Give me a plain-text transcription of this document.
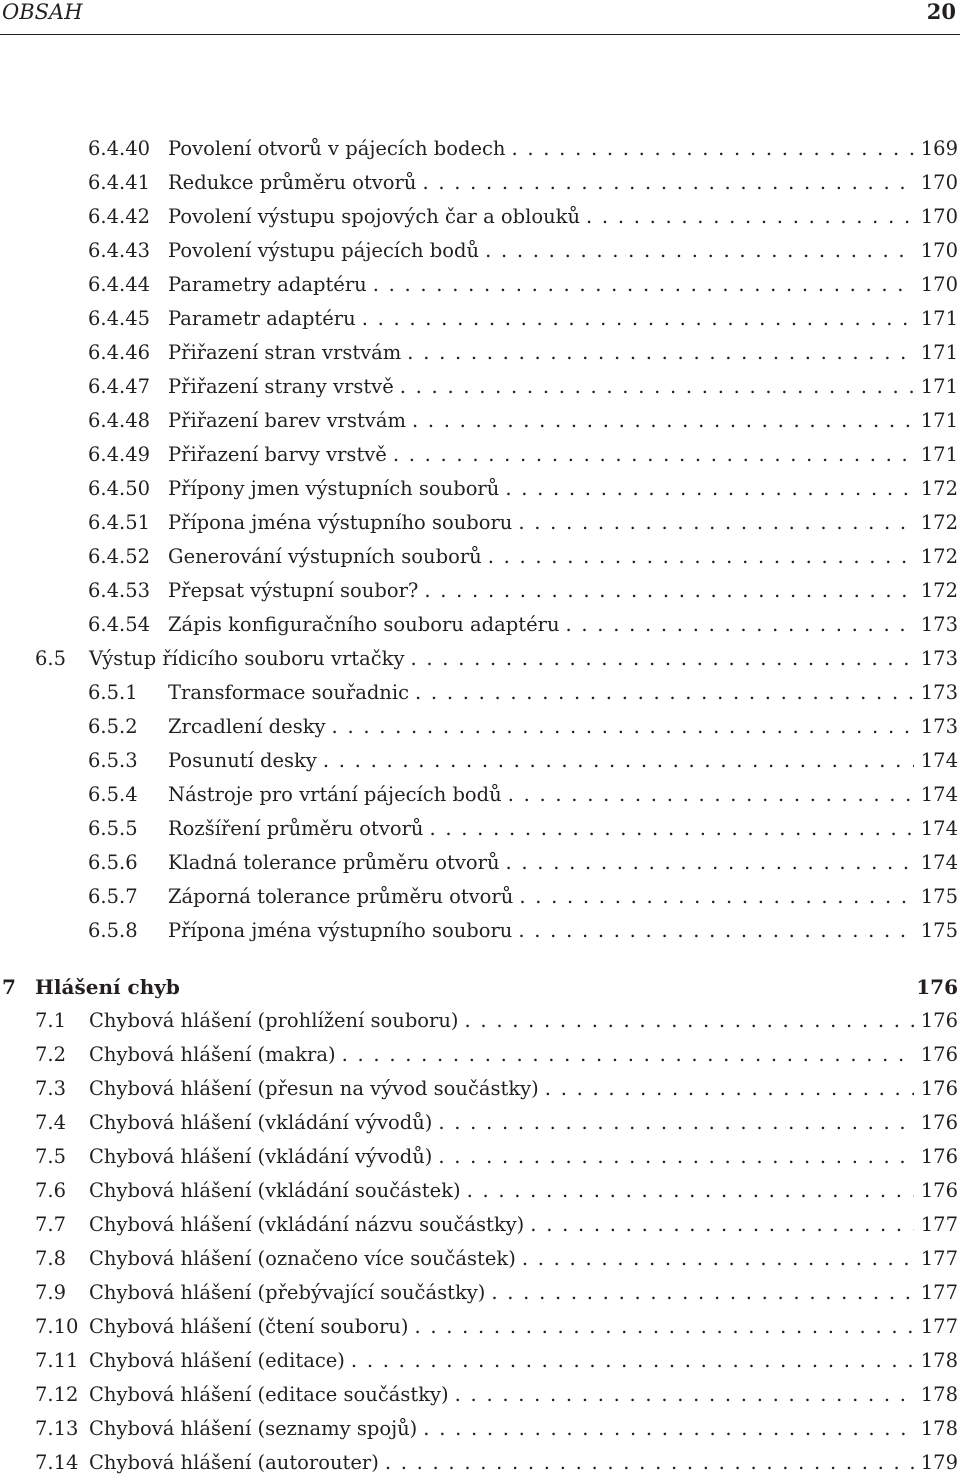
OBSAH	20
6.4.40 Povolení otvorů v pájecích bodech . . .	169
6.4.41 Redukce průměru otvorů . . .	170
6.4.42 Povolení výstupu spojových čar a oblouků . . .	170
6.4.43 Povolení výstupu pájecích bodů . . .	170
6.4.44 Parametry adaptéru . . .	170
6.4.45 Parametr adaptéru . . .	171
6.4.46 Přiřazení stran vrstvám . . .	171
6.4.47 Přiřazení strany vrstvě . . .	171
6.4.48 Přiřazení barev vrstvám . . .	171
6.4.49 Přiřazení barvy vrstvě . . .	171
6.4.50 Přípony jmen výstupních souborů . . .	172
6.4.51 Přípona jména výstupního souboru . . .	172
6.4.52 Generování výstupních souborů . . .	172
6.4.53 Přepsat výstupní soubor? . . .	172
6.4.54 Zápis konfiguračního souboru adaptéru . . .	173
6.5	Výstup řídicího souboru vrtačky . . .	173
6.5.1	Transformace souřadnic . . .	173
6.5.2	Zrcadlení desky . . .	173
6.5.3	Posunutí desky . . .	174
6.5.4	Nástroje pro vrtání pájecích bodů . . .	174
6.5.5	Rozšíření průměru otvorů . . .	174
6.5.6	Kladná tolerance průměru otvorů . . .	174
6.5.7	Záporná tolerance průměru otvorů . . .	175
6.5.8	Přípona jména výstupního souboru . . .	175
7 Hlášení chyb	176
7.1	Chybová hlášení (prohlížení souboru) . . .	176
7.2	Chybová hlášení (makra) . . .	176
7.3	Chybová hlášení (přesun na vývod součástky) . . .	176
7.4	Chybová hlášení (vkládání vývodů) . . .	176
7.5	Chybová hlášení (vkládání vývodů) . . .	176
7.6	Chybová hlášení (vkládání součástek) . . .	176
7.7	Chybová hlášení (vkládání názvu součástky) . . .	177
7.8	Chybová hlášení (označeno více součástek) . . .	177
7.9	Chybová hlášení (přebývající součástky) . . .	177
7.10 Chybová hlášení (čtení souboru) . . .	177
7.11 Chybová hlášení (editace) . . .	178
7.12 Chybová hlášení (editace součástky) . . .	178
7.13 Chybová hlášení (seznamy spojů) . . .	178
7.14 Chybová hlášení (autorouter) . . .	179
